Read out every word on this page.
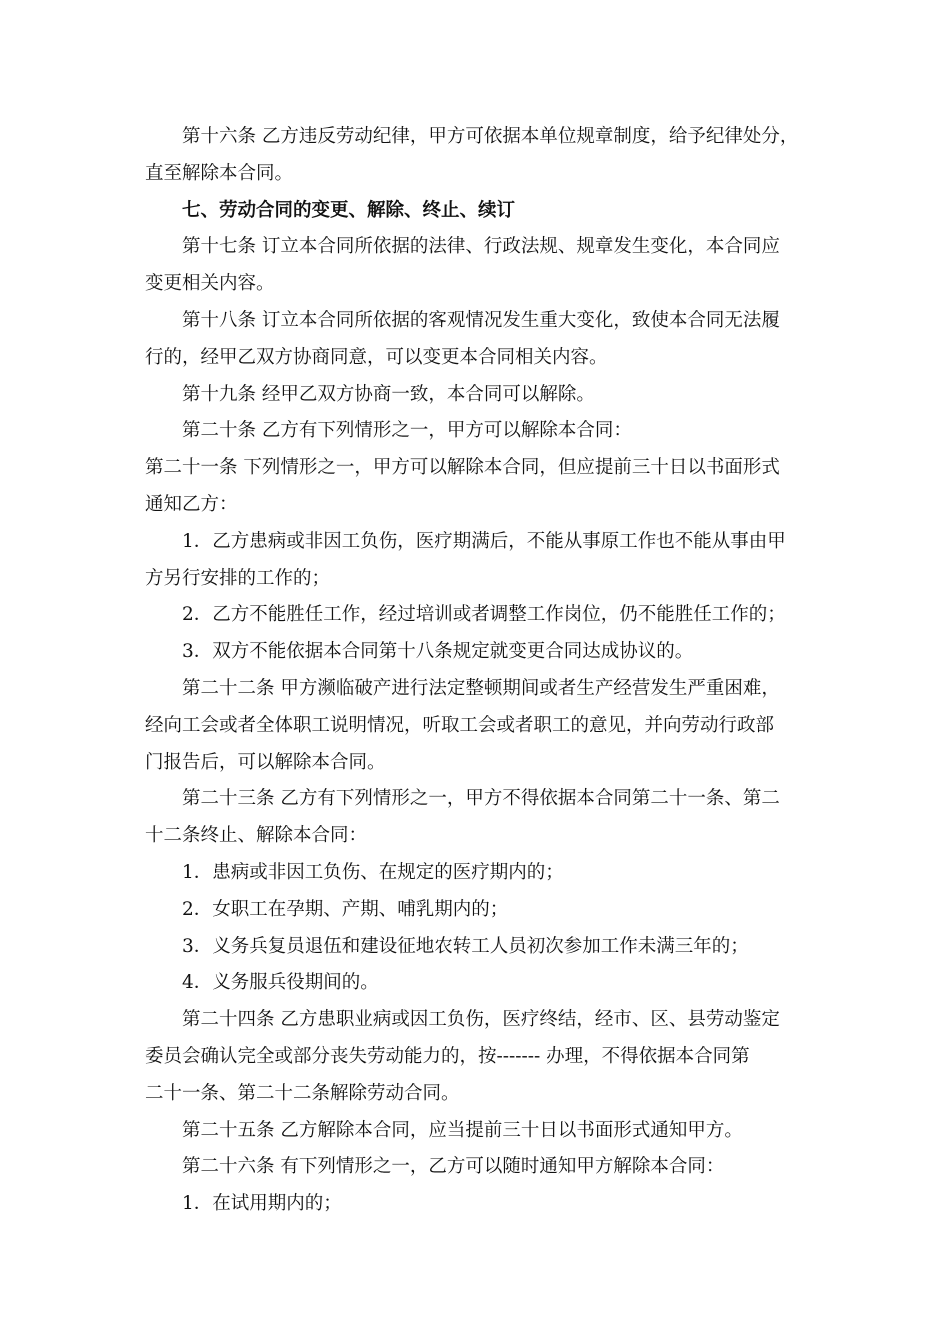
第十六条 乙方违反劳动纪律，甲方可依据本单位规章制度，给予纪律处分，
直至解除本合同。
七、劳动合同的变更、解除、终止、续订
第十七条 订立本合同所依据的法律、行政法规、规章发生变化，本合同应
变更相关内容。
第十八条 订立本合同所依据的客观情况发生重大变化，致使本合同无法履
行的，经甲乙双方协商同意，可以变更本合同相关内容。
第十九条 经甲乙双方协商一致，本合同可以解除。
第二十条 乙方有下列情形之一，甲方可以解除本合同：
第二十一条 下列情形之一，甲方可以解除本合同，但应提前三十日以书面形式
通知乙方：
1．乙方患病或非因工负伤，医疗期满后，不能从事原工作也不能从事由甲
方另行安排的工作的；
2．乙方不能胜任工作，经过培训或者调整工作岗位，仍不能胜任工作的；
3．双方不能依据本合同第十八条规定就变更合同达成协议的。
第二十二条 甲方濒临破产进行法定整顿期间或者生产经营发生严重困难，
经向工会或者全体职工说明情况，听取工会或者职工的意见，并向劳动行政部
门报告后，可以解除本合同。
第二十三条 乙方有下列情形之一，甲方不得依据本合同第二十一条、第二
十二条终止、解除本合同：
1．患病或非因工负伤、在规定的医疗期内的；
2．女职工在孕期、产期、哺乳期内的；
3．义务兵复员退伍和建设征地农转工人员初次参加工作未满三年的；
4．义务服兵役期间的。
第二十四条 乙方患职业病或因工负伤，医疗终结，经市、区、县劳动鉴定
委员会确认完全或部分丧失劳动能力的，按------- 办理，不得依据本合同第
二十一条、第二十二条解除劳动合同。
第二十五条 乙方解除本合同，应当提前三十日以书面形式通知甲方。
第二十六条 有下列情形之一，乙方可以随时通知甲方解除本合同：
1．在试用期内的；
